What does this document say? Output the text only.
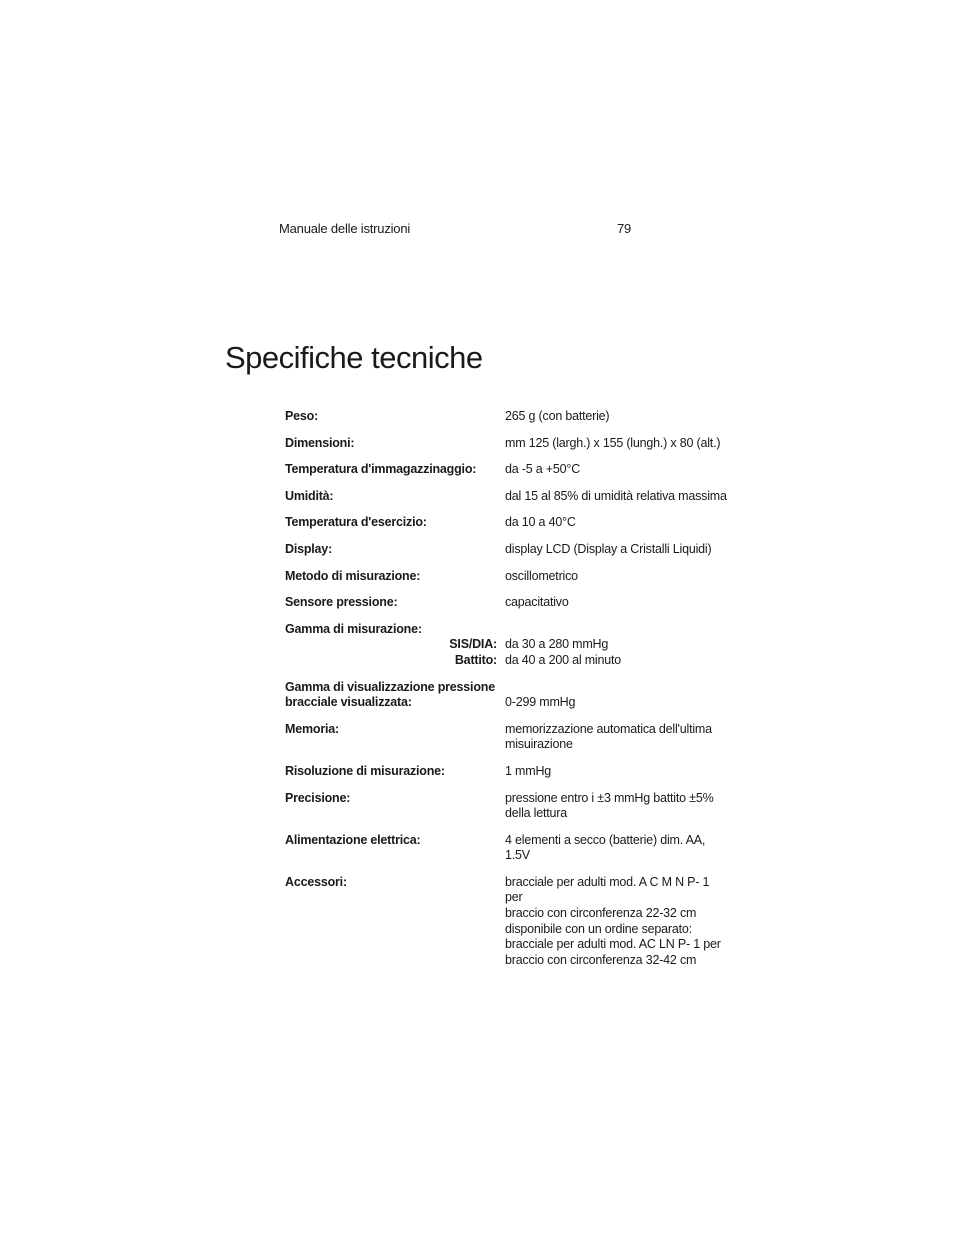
Manuale delle istruzioni	79
Specifiche tecniche
Peso:	265 g (con batterie)
Dimensioni:	mm 125 (largh.) x 155 (lungh.) x 80 (alt.)
Temperatura d'immagazzinaggio:	da -5 a +50°C
Umidità:	dal 15 al 85% di umidità relativa massima
Temperatura d'esercizio:	da 10 a 40°C
Display:	display LCD (Display a Cristalli Liquidi)
Metodo di misurazione:	oscillometrico
Sensore pressione:	capacitativo
Gamma di misurazione:
SIS/DIA: da 30 a 280 mmHg
Battito: da 40 a 200 al minuto
Gamma di visualizzazione pressione
bracciale visualizzata:	0-299 mmHg
Memoria:	memorizzazione automatica dell'ultima
misuirazione
Risoluzione di misurazione:	1 mmHg
Precisione:	pressione entro i ±3 mmHg battito ±5%
della lettura
Alimentazione elettrica:	4 elementi a secco (batterie) dim. AA, 1.5V
Accessori:	bracciale per adulti mod. A C M N P- 1 per
braccio con circonferenza 22-32 cm
disponibile con un ordine separato:
bracciale per adulti mod. AC LN P- 1 per
braccio con circonferenza 32-42 cm
